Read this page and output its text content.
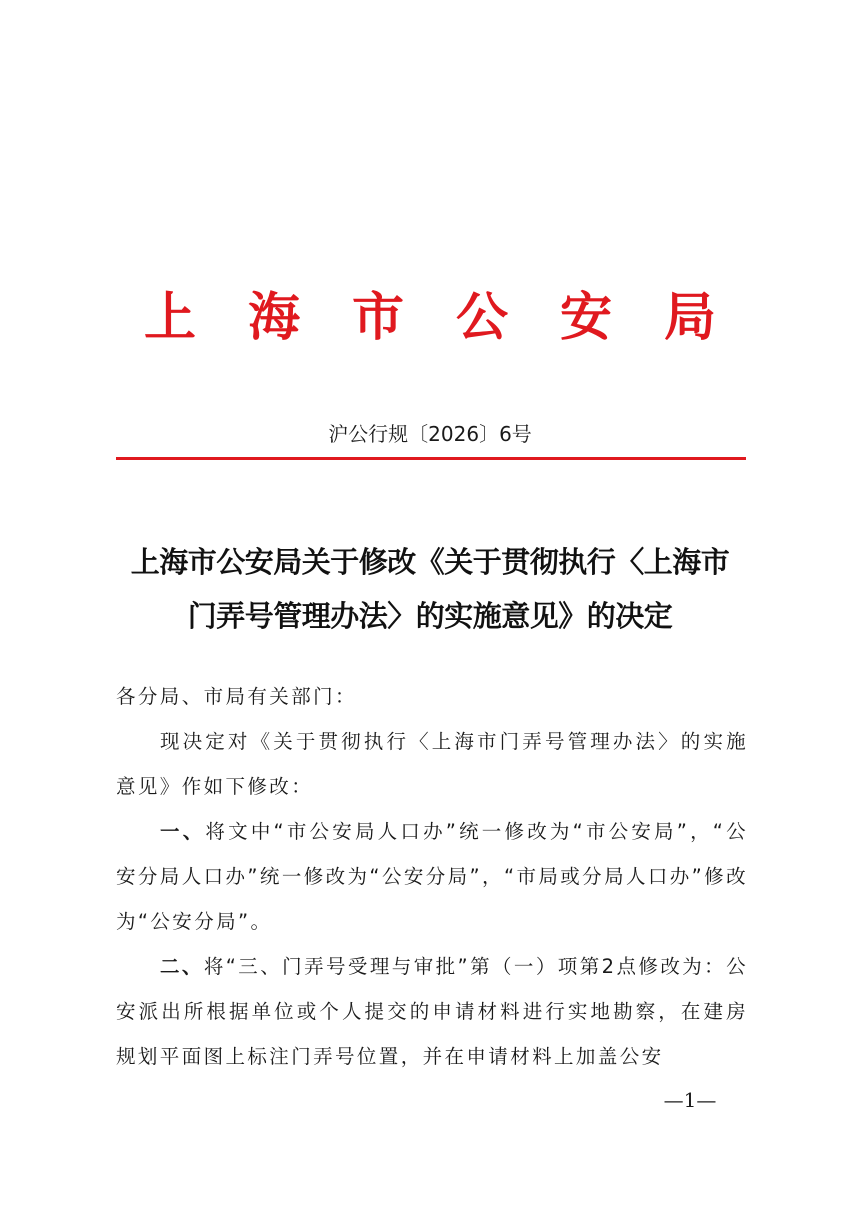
上海市公安局
沪公行规〔2026〕6号
上海市公安局关于修改《关于贯彻执行〈上海市
门弄号管理办法〉的实施意见》的决定

各分局、市局有关部门：

现决定对《关于贯彻执行〈上海市门弄号管理办法〉的实施意见》作如下修改：

一、将文中“市公安局人口办”统一修改为“市公安局”，“公安分局人口办”统一修改为“公安分局”，“市局或分局人口办”修改为“公安分局”。

二、将“三、门弄号受理与审批”第（一）项第2点修改为：公安派出所根据单位或个人提交的申请材料进行实地勘察，在建房规划平面图上标注门弄号位置，并在申请材料上加盖公安

—1—
